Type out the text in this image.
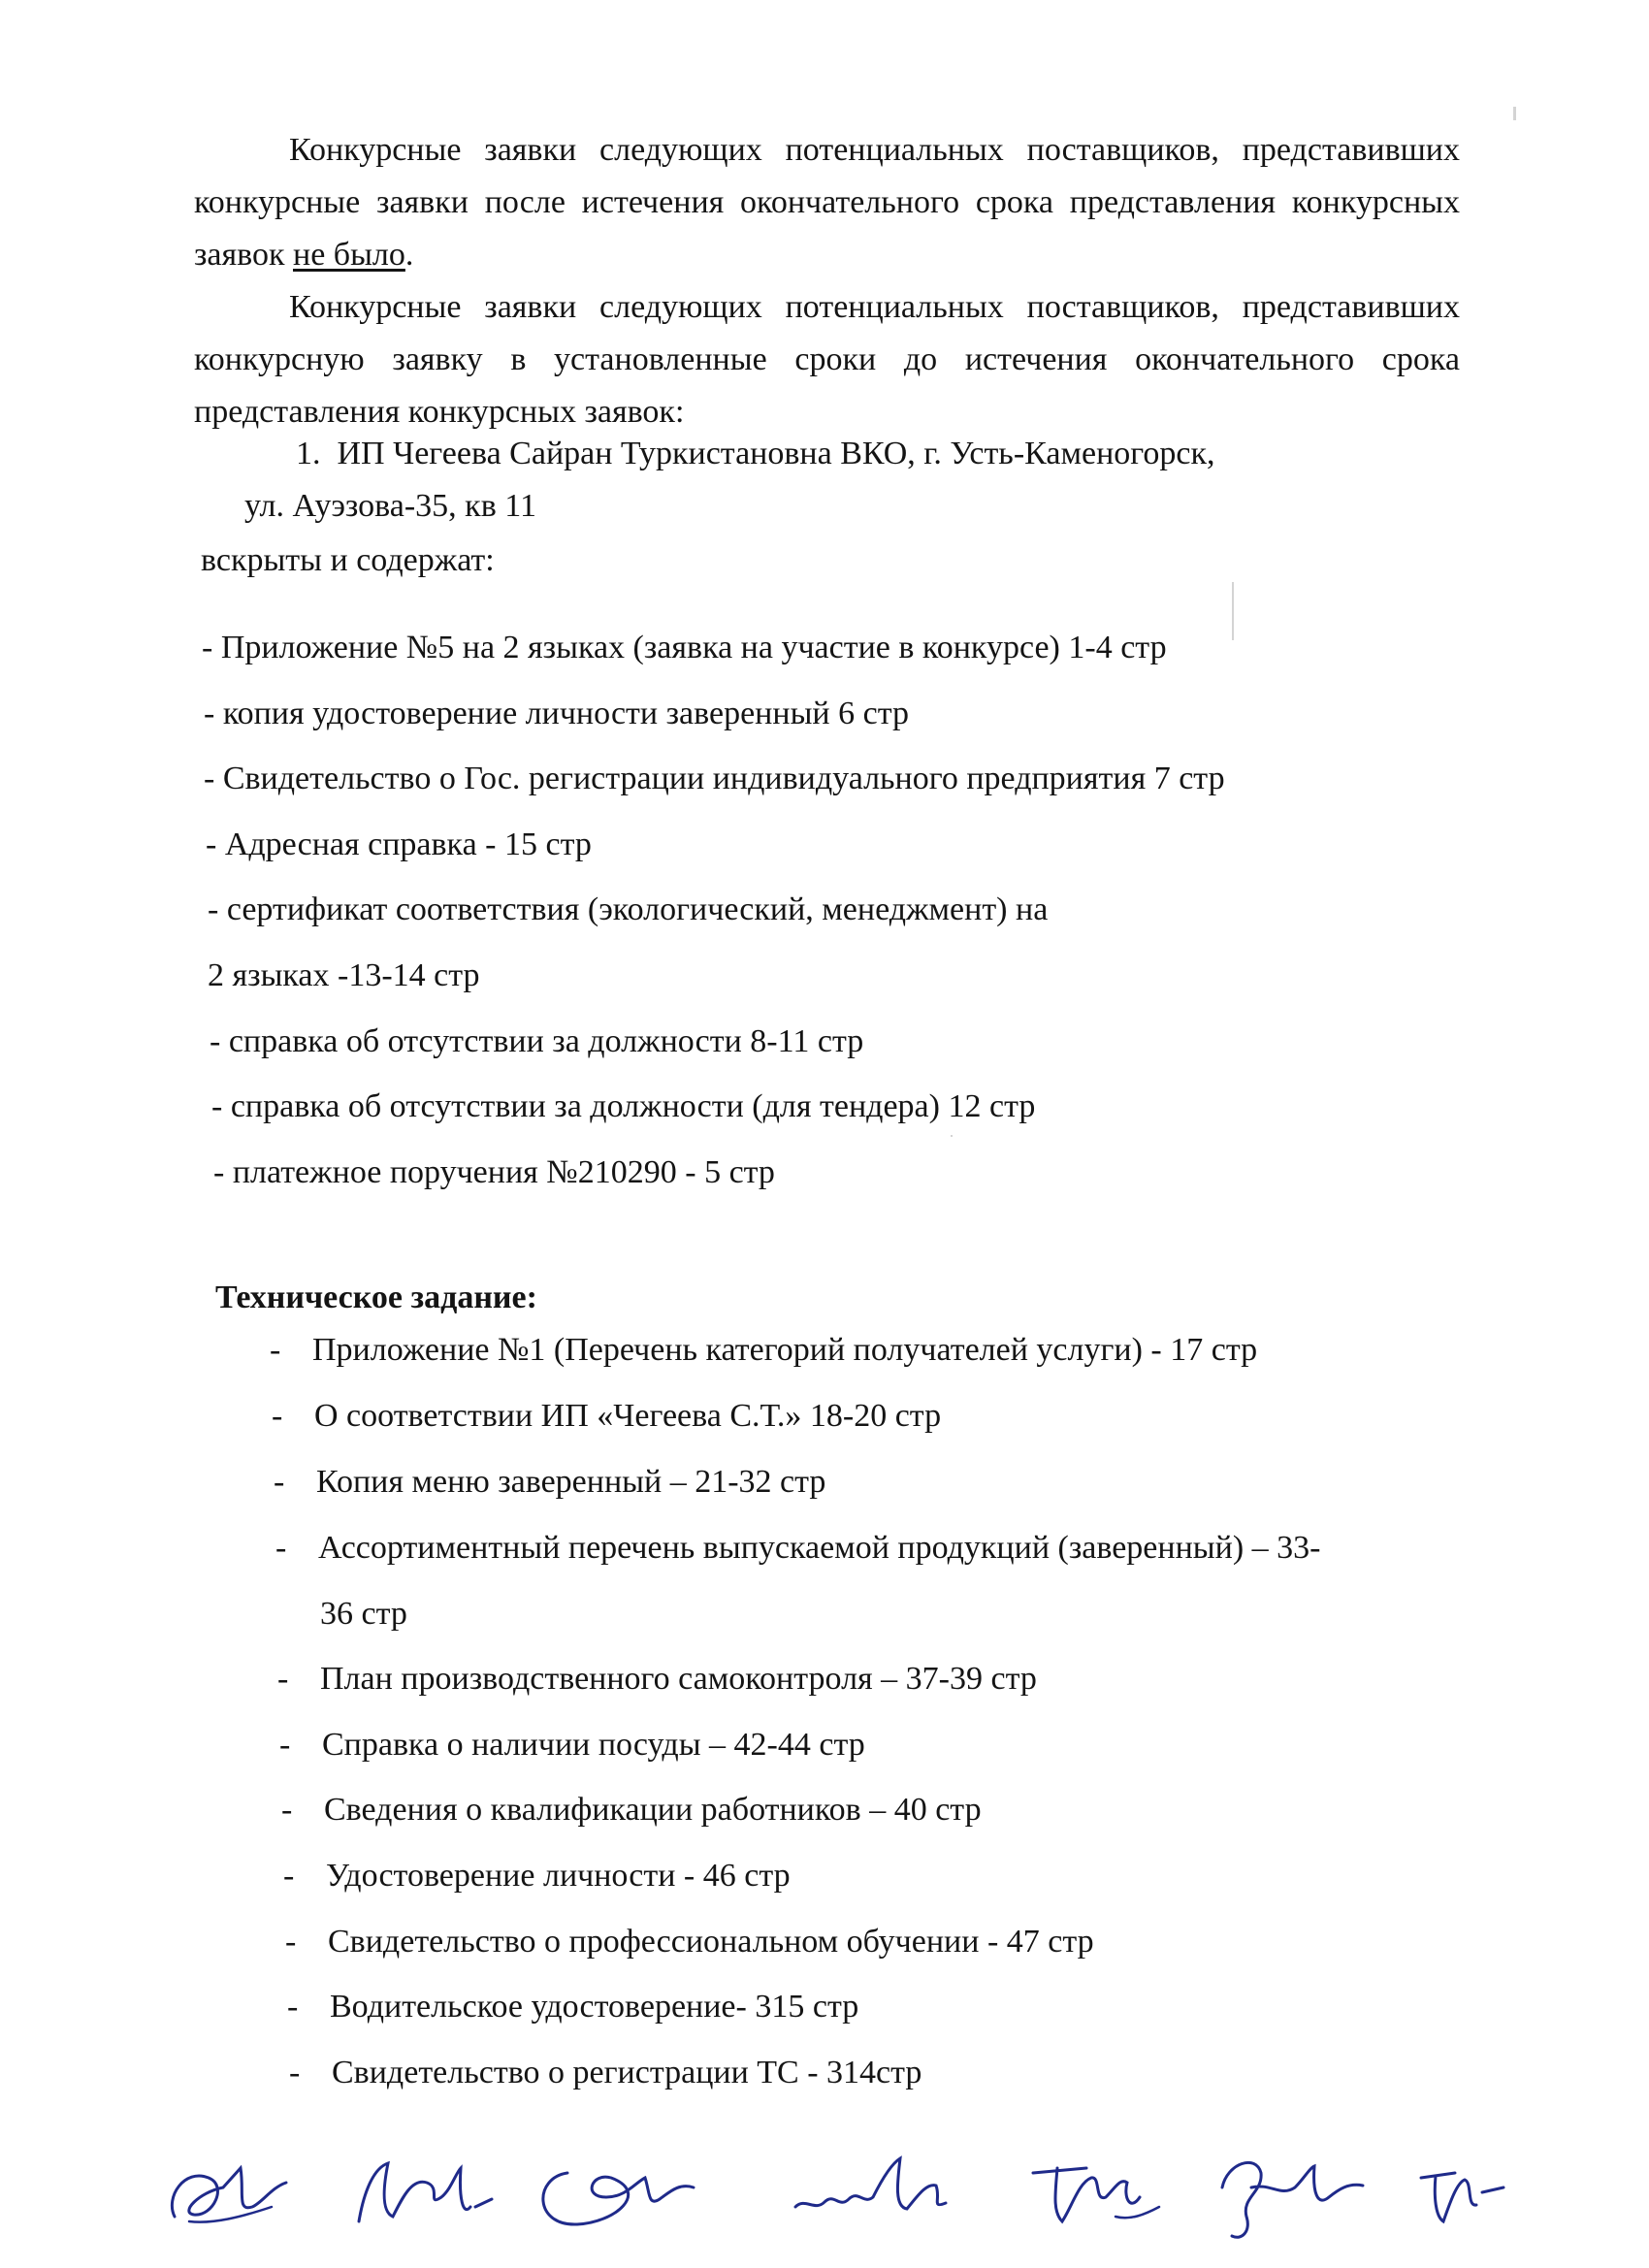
Конкурсные заявки следующих потенциальных поставщиков, представивших конкурсные заявки после истечения окончательного срока представления конкурсных заявок не было.

Конкурсные заявки следующих потенциальных поставщиков, представивших конкурсную заявку в установленные сроки до истечения окончательного срока представления конкурсных заявок:

1. ИП Чегеева Сайран Туркистановна ВКО, г. Усть-Каменогорск,

ул. Ауэзова-35, кв 11

вскрыты и содержат:

- Приложение №5 на 2 языках (заявка на участие в конкурсе) 1-4 стр

- копия удостоверение личности заверенный 6 стр

- Свидетельство о Гос. регистрации индивидуального предприятия 7 стр

- Адресная справка - 15 стр

- сертификат соответствия (экологический, менеджмент) на

2 языках -13-14 стр

- справка об отсутствии за должности 8-11 стр

- справка об отсутствии за должности (для тендера) 12 стр

- платежное поручения №210290 - 5 стр

Техническое задание:

- Приложение №1 (Перечень категорий получателей услуги) - 17 стр

- О соответствии ИП «Чегеева С.Т.» 18-20 стр

- Копия меню заверенный – 21-32 стр

- Ассортиментный перечень выпускаемой продукций (заверенный) – 33-

36 стр

- План производственного самоконтроля – 37-39 стр

- Справка о наличии посуды – 42-44 стр

- Сведения о квалификации работников – 40 стр

- Удостоверение личности - 46 стр

- Свидетельство о профессиональном обучении - 47 стр

- Водительское удостоверение- 315 стр

- Свидетельство о регистрации ТС - 314стр
